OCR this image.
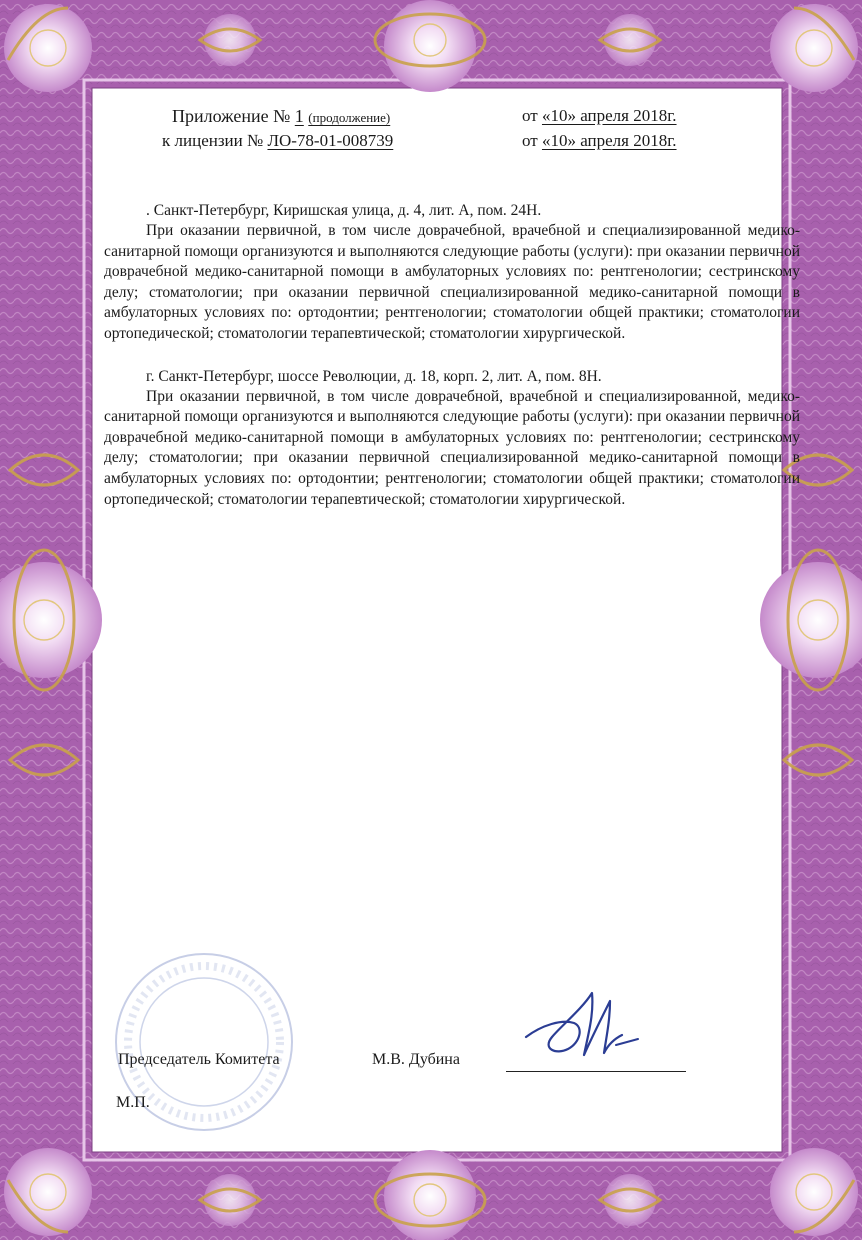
Приложение № 1 (продолжение)
к лицензии № ЛО-78-01-008739
от «10» апреля 2018г.
от «10» апреля 2018г.

. Санкт-Петербург, Киришская улица, д. 4, лит. А, пом. 24Н.

При оказании первичной, в том числе доврачебной, врачебной и специализированной медико-санитарной помощи организуются и выполняются следующие работы (услуги): при оказании первичной доврачебной медико-санитарной помощи в амбулаторных условиях по: рентгенологии; сестринскому делу; стоматологии; при оказании первичной специализированной медико-санитарной помощи в амбулаторных условиях по: ортодонтии; рентгенологии; стоматологии общей практики; стоматологии ортопедической; стоматологии терапевтической; стоматологии хирургической.

г. Санкт-Петербург, шоссе Революции, д. 18, корп. 2, лит. А, пом. 8Н.

При оказании первичной, в том числе доврачебной, врачебной и специализированной, медико-санитарной помощи организуются и выполняются следующие работы (услуги): при оказании первичной доврачебной медико-санитарной помощи в амбулаторных условиях по: рентгенологии; сестринскому делу; стоматологии; при оказании первичной специализированной медико-санитарной помощи в амбулаторных условиях по: ортодонтии; рентгенологии; стоматологии общей практики; стоматологии ортопедической; стоматологии терапевтической; стоматологии хирургической.

Председатель Комитета	М.В. Дубина
М.П.
